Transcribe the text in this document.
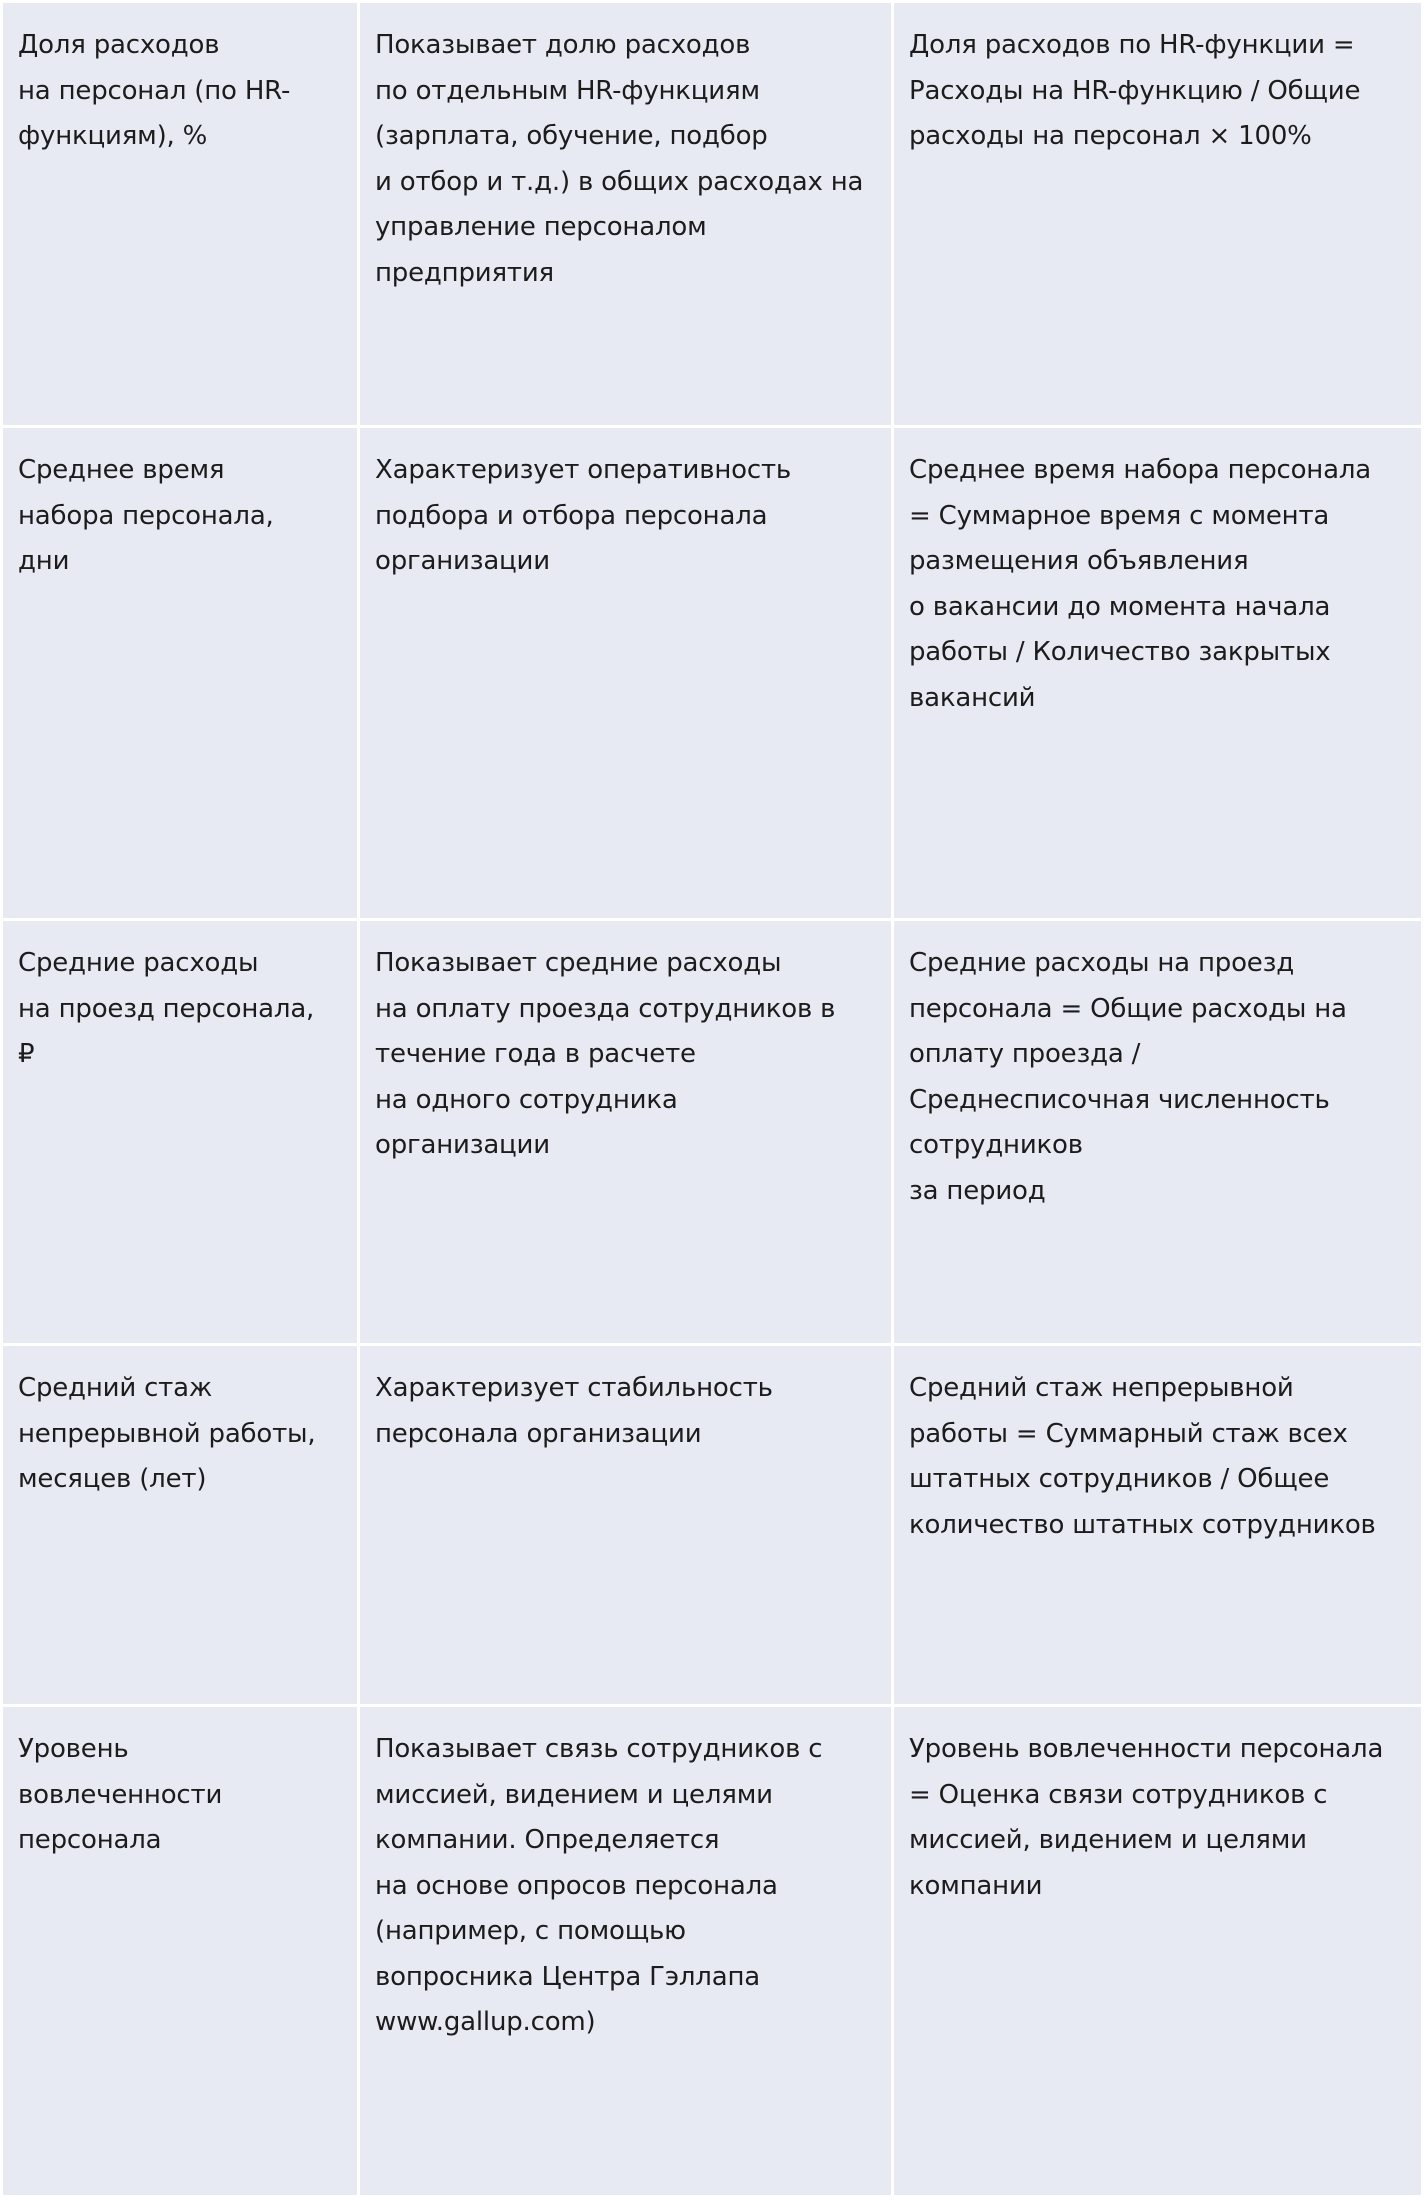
Доля расходов
на персонал (по HR-
функциям), %
Показывает долю расходов
по отдельным HR-функциям
(зарплата, обучение, подбор
и отбор и т.д.) в общих расходах на
управление персоналом
предприятия
Доля расходов по HR-функции =
Расходы на HR-функцию / Общие
расходы на персонал × 100%
Среднее время
набора персонала,
дни
Характеризует оперативность
подбора и отбора персонала
организации
Среднее время набора персонала
= Суммарное время с момента
размещения объявления
о вакансии до момента начала
работы / Количество закрытых
вакансий
Средние расходы
на проезд персонала,
₽
Показывает средние расходы
на оплату проезда сотрудников в
течение года в расчете
на одного сотрудника
организации
Средние расходы на проезд
персонала = Общие расходы на
оплату проезда /
Среднесписочная численность
сотрудников
за период
Средний стаж
непрерывной работы,
месяцев (лет)
Характеризует стабильность
персонала организации
Средний стаж непрерывной
работы = Суммарный стаж всех
штатных сотрудников / Общее
количество штатных сотрудников
Уровень
вовлеченности
персонала
Показывает связь сотрудников с
миссией, видением и целями
компании. Определяется
на основе опросов персонала
(например, с помощью
вопросника Центра Гэллапа
www.gallup.com)
Уровень вовлеченности персонала
= Оценка связи сотрудников с
миссией, видением и целями
компании
